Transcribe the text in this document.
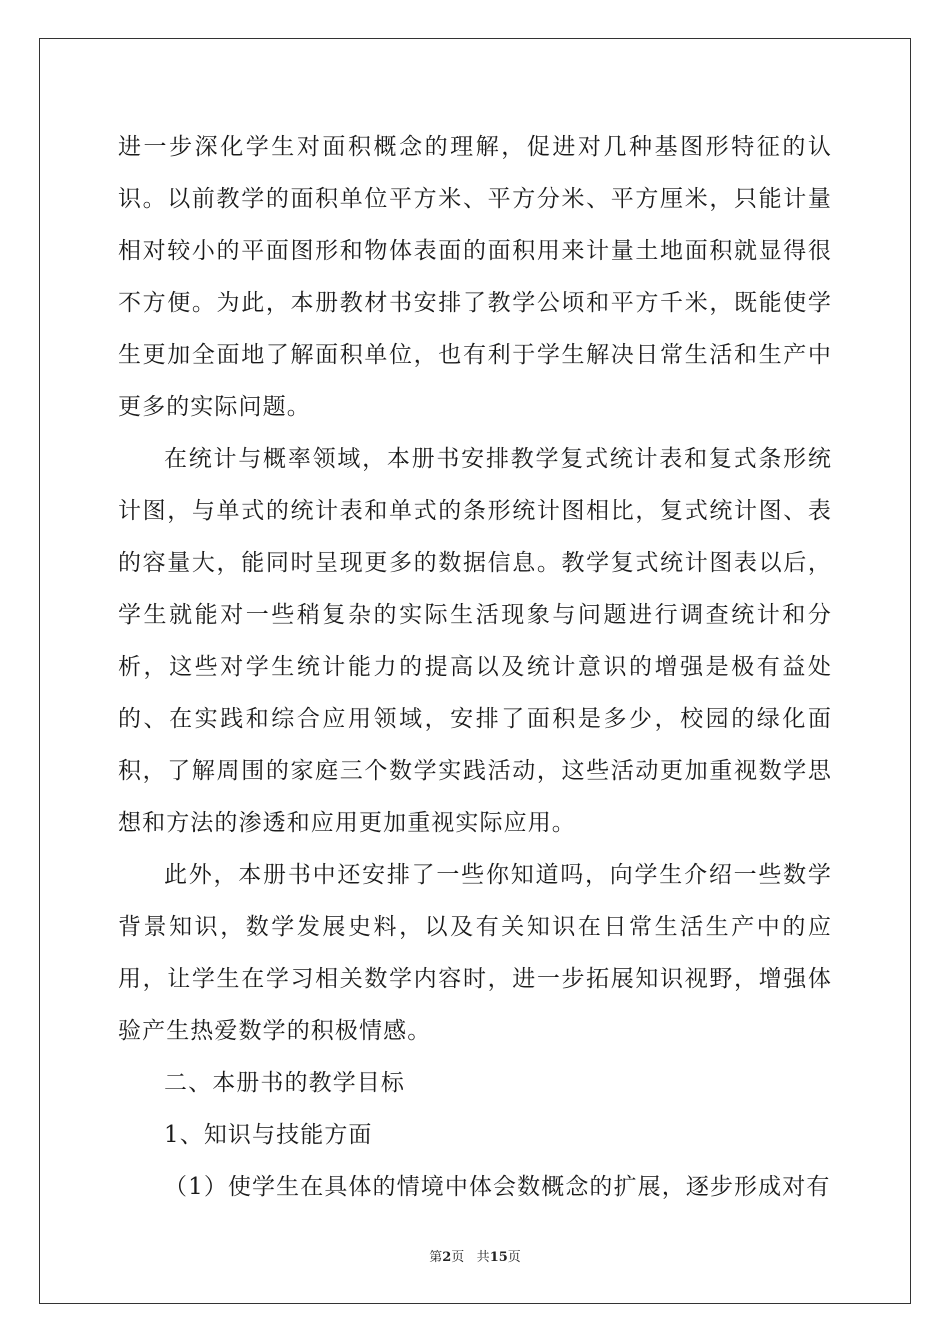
进一步深化学生对面积概念的理解，促进对几种基图形特征的认识。以前教学的面积单位平方米、平方分米、平方厘米，只能计量相对较小的平面图形和物体表面的面积用来计量土地面积就显得很不方便。为此，本册教材书安排了教学公顷和平方千米，既能使学生更加全面地了解面积单位，也有利于学生解决日常生活和生产中更多的实际问题。

在统计与概率领域，本册书安排教学复式统计表和复式条形统计图，与单式的统计表和单式的条形统计图相比，复式统计图、表的容量大，能同时呈现更多的数据信息。教学复式统计图表以后，学生就能对一些稍复杂的实际生活现象与问题进行调查统计和分析，这些对学生统计能力的提高以及统计意识的增强是极有益处的、在实践和综合应用领域，安排了面积是多少，校园的绿化面积，了解周围的家庭三个数学实践活动，这些活动更加重视数学思想和方法的渗透和应用更加重视实际应用。

此外，本册书中还安排了一些你知道吗，向学生介绍一些数学背景知识，数学发展史料，以及有关知识在日常生活生产中的应用，让学生在学习相关数学内容时，进一步拓展知识视野，增强体验产生热爱数学的积极情感。

二、本册书的教学目标

1、知识与技能方面

（1）使学生在具体的情境中体会数概念的扩展，逐步形成对有

第2页 共15页
